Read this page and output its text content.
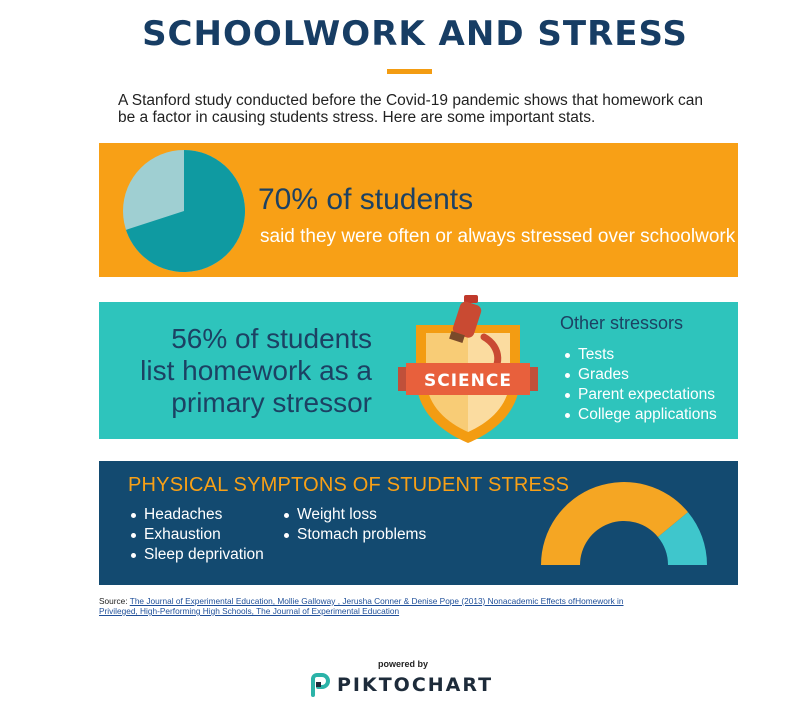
SCHOOLWORK AND STRESS

A Stanford study conducted before the Covid-19 pandemic shows that homework can be a factor in causing students stress. Here are some important stats.

70% of students
said they were often or always stressed over schoolwork
56% of students
list homework as a
primary stressor
SCIENCE
Other stressors
Tests
Grades
Parent expectations
College applications
PHYSICAL SYMPTONS OF STUDENT STRESS
Headaches
Exhaustion
Sleep deprivation
Weight loss
Stomach problems

Source: The Journal of Experimental Education, Mollie Galloway , Jerusha Conner & Denise Pope (2013) Nonacademic Effects ofHomework in Privileged, High-Performing High Schools, The Journal of Experimental Education

powered by
PIKTOCHART
